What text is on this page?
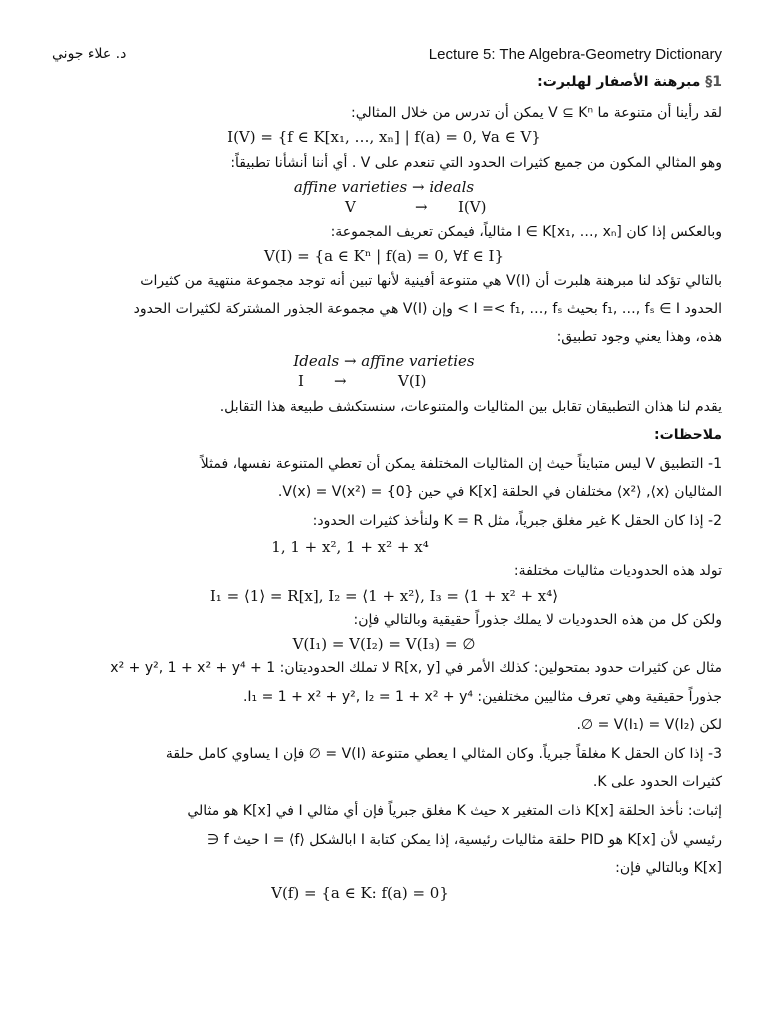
د. علاء جوني	Lecture 5: The Algebra-Geometry Dictionary
1§ مبرهنة الأصفار لهلبرت:
لقد رأينا أن متنوعة ما V ⊆ Kⁿ يمكن أن تدرس من خلال المثالي:
I(V) = {f ∈ K[x₁, …, xₙ] | f(a) = 0, ∀a ∈ V}
وهو المثالي المكون من جميع كثيرات الحدود التي تنعدم على V . أي أننا أنشأنا تطبيقاً:
affine varieties → ideals
V	→ I(V)
وبالعكس إذا كان I ∈ K[x₁, …, xₙ] مثالياً، فيمكن تعريف المجموعة:
V(I) = {a ∈ Kⁿ | f(a) = 0, ∀f ∈ I}
بالتالي تؤكد لنا مبرهنة هلبرت أن V(I) هي متنوعة أفينية لأنها تبين أنه توجد مجموعة منتهية من كثيرات
الحدود f₁, …, fₛ ∈ I بحيث I =< f₁, …, fₛ > وإن V(I) هي مجموعة الجذور المشتركة لكثيرات الحدود
هذه، وهذا يعني وجود تطبيق:
Ideals → affine varieties
I →	V(I)
يقدم لنا هذان التطبيقان تقابل بين المثاليات والمتنوعات، سنستكشف طبيعة هذا التقابل.
ملاحظات:
1- التطبيق V ليس متبايناً حيث إن المثاليات المختلفة يمكن أن تعطي المتنوعة نفسها، فمثلاً
المثاليان ⟨x⟩, ⟨x²⟩ مختلفان في الحلقة K[x] في حين V(x) = V(x²) = {0}.
2- إذا كان الحقل K غير مغلق جبرياً، مثل K = R ولنأخذ كثيرات الحدود:
1, 1 + x², 1 + x² + x⁴
تولد هذه الحدوديات مثاليات مختلفة:
I₁ = ⟨1⟩ = R[x], I₂ = ⟨1 + x²⟩, I₃ = ⟨1 + x² + x⁴⟩
ولكن كل من هذه الحدوديات لا يملك جذوراً حقيقية وبالتالي فإن:
V(I₁) = V(I₂) = V(I₃) = ∅
مثال عن كثيرات حدود بمتحولين: كذلك الأمر في R[x, y] لا تملك الحدوديتان: 1 + x² + y², 1 + x² + y⁴
جذوراً حقيقية وهي تعرف مثاليين مختلفين: I₁ = 1 + x² + y², I₂ = 1 + x² + y⁴.
لكن V(I₁) = V(I₂) = ∅.
3- إذا كان الحقل K مغلقاً جبرياً. وكان المثالي I يعطي متنوعة V(I) = ∅ فإن I يساوي كامل حلقة
كثيرات الحدود على K.
إثبات: نأخذ الحلقة K[x] ذات المتغير x حيث K مغلق جبرياً فإن أي مثالي I في K[x] هو مثالي
رئيسي لأن K[x] هو PID حلقة مثاليات رئيسية، إذا يمكن كتابة I ابالشكل I = ⟨f⟩ حيث f ∈
K[x] وبالتالي فإن:
V(f) = {a ∈ K: f(a) = 0}
